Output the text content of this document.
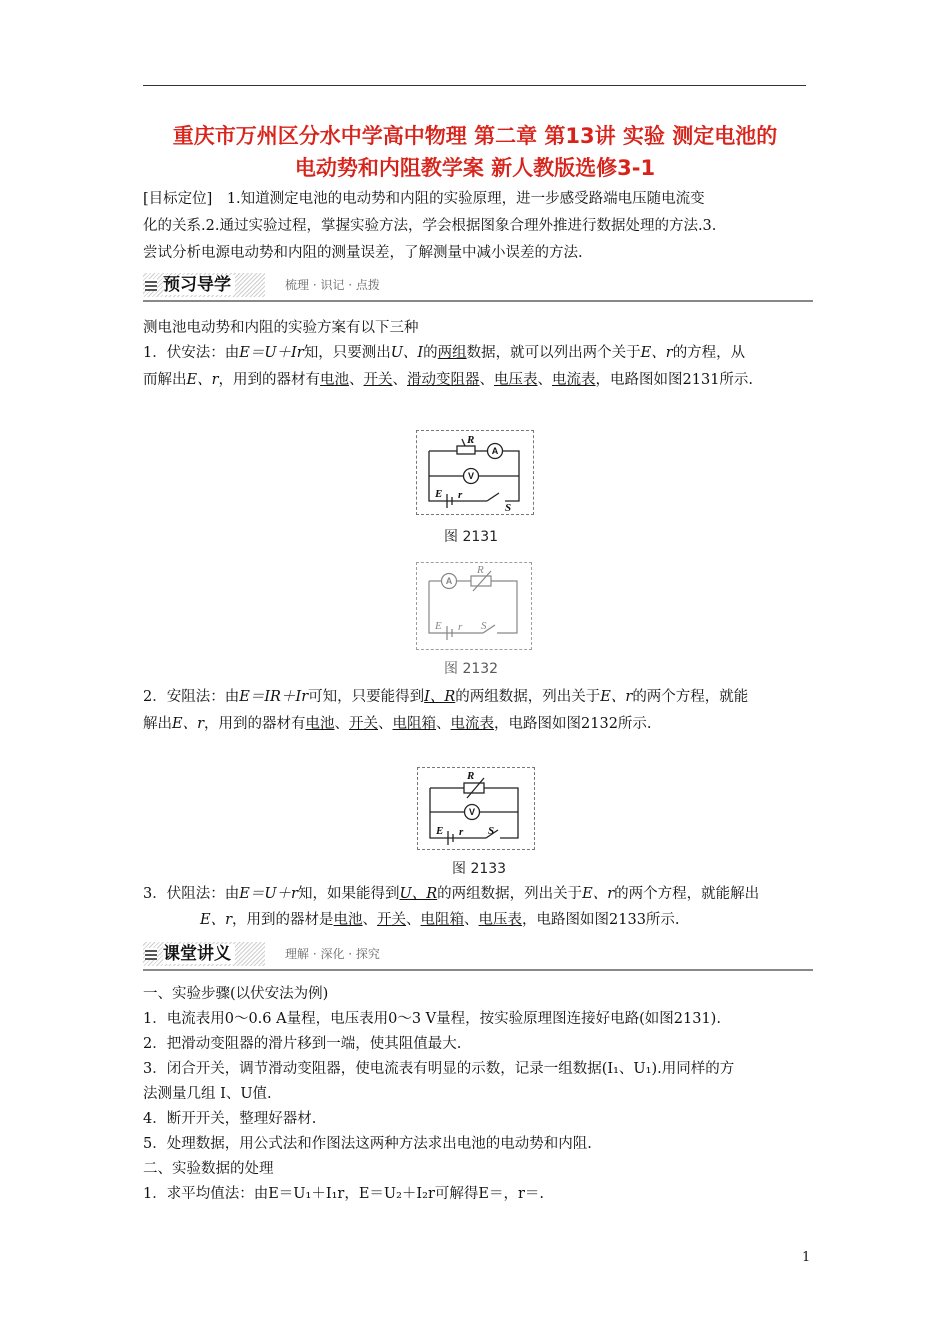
重庆市万州区分水中学高中物理 第二章 第13讲 实验 测定电池的
电动势和内阻教学案 新人教版选修3-1
[目标定位]　1.知道测定电池的电动势和内阻的实验原理，进一步感受路端电压随电流变
化的关系.2.通过实验过程，掌握实验方法，学会根据图象合理外推进行数据处理的方法.3.
尝试分析电源电动势和内阻的测量误差，了解测量中减小误差的方法.
预习导学	梳理 · 识记 · 点拨
测电池电动势和内阻的实验方案有以下三种
1．伏安法：由E＝U＋Ir知，只要测出U、I的两组数据，就可以列出两个关于E、r的方程，从
而解出E、r，用到的器材有电池、开关、滑动变阻器、电压表、电流表，电路图如图2131所示.
R
E r
S
A
V
图 2131
R
E r S
A
图 2132
2．安阻法：由E＝IR＋Ir可知，只要能得到I、R的两组数据，列出关于E、r的两个方程，就能
解出E、r，用到的器材有电池、开关、电阻箱、电流表，电路图如图2132所示.
R
E r S
V
图 2133
3．伏阻法：由E＝U＋r知，如果能得到U、R的两组数据，列出关于E、r的两个方程，就能解出
E、r，用到的器材是电池、开关、电阻箱、电压表，电路图如图2133所示.
课堂讲义	理解 · 深化 · 探究
一、实验步骤(以伏安法为例)
1．电流表用0～0.6 A量程，电压表用0～3 V量程，按实验原理图连接好电路(如图2131).
2．把滑动变阻器的滑片移到一端，使其阻值最大.
3．闭合开关，调节滑动变阻器，使电流表有明显的示数，记录一组数据(I₁、U₁).用同样的方
法测量几组 I、U值.
4．断开开关，整理好器材.
5．处理数据，用公式法和作图法这两种方法求出电池的电动势和内阻.
二、实验数据的处理
1．求平均值法：由E＝U₁＋I₁r，E＝U₂＋I₂r可解得E＝，r＝.
1
